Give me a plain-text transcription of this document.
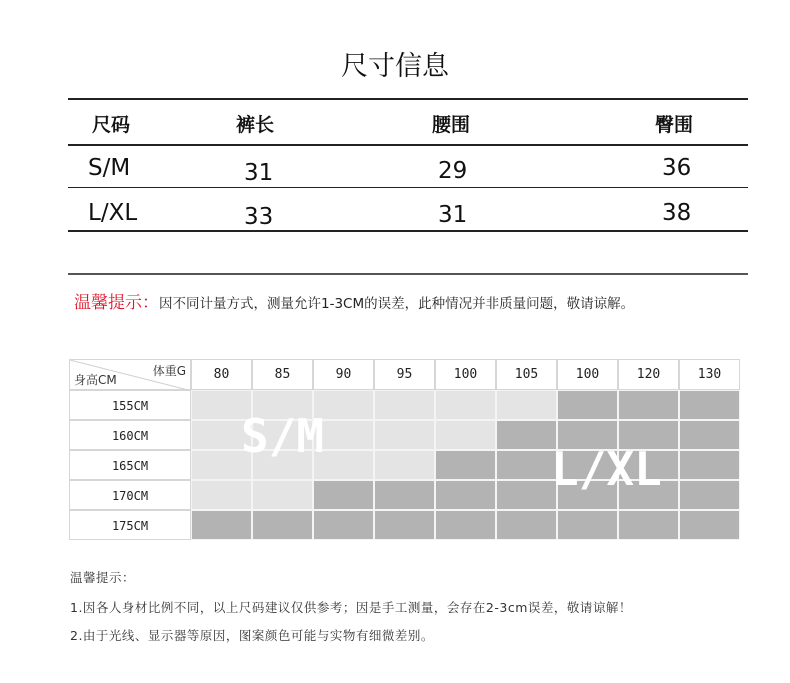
尺寸信息
尺码	裤长	腰围	臀围
S/M	31	29	36
L/XL	33	31	38
温馨提示：因不同计量方式，测量允许1-3CM的误差，此种情况并非质量问题，敬请谅解。
体重G
身高CM	80	85	90	95	100	105	100	120	130
155CM
160CM
165CM
170CM
175CM
S/M
L/XL
温馨提示：
1.因各人身材比例不同，以上尺码建议仅供参考；因是手工测量，会存在2-3cm误差，敬请谅解！
2.由于光线、显示器等原因，图案颜色可能与实物有细微差别。
